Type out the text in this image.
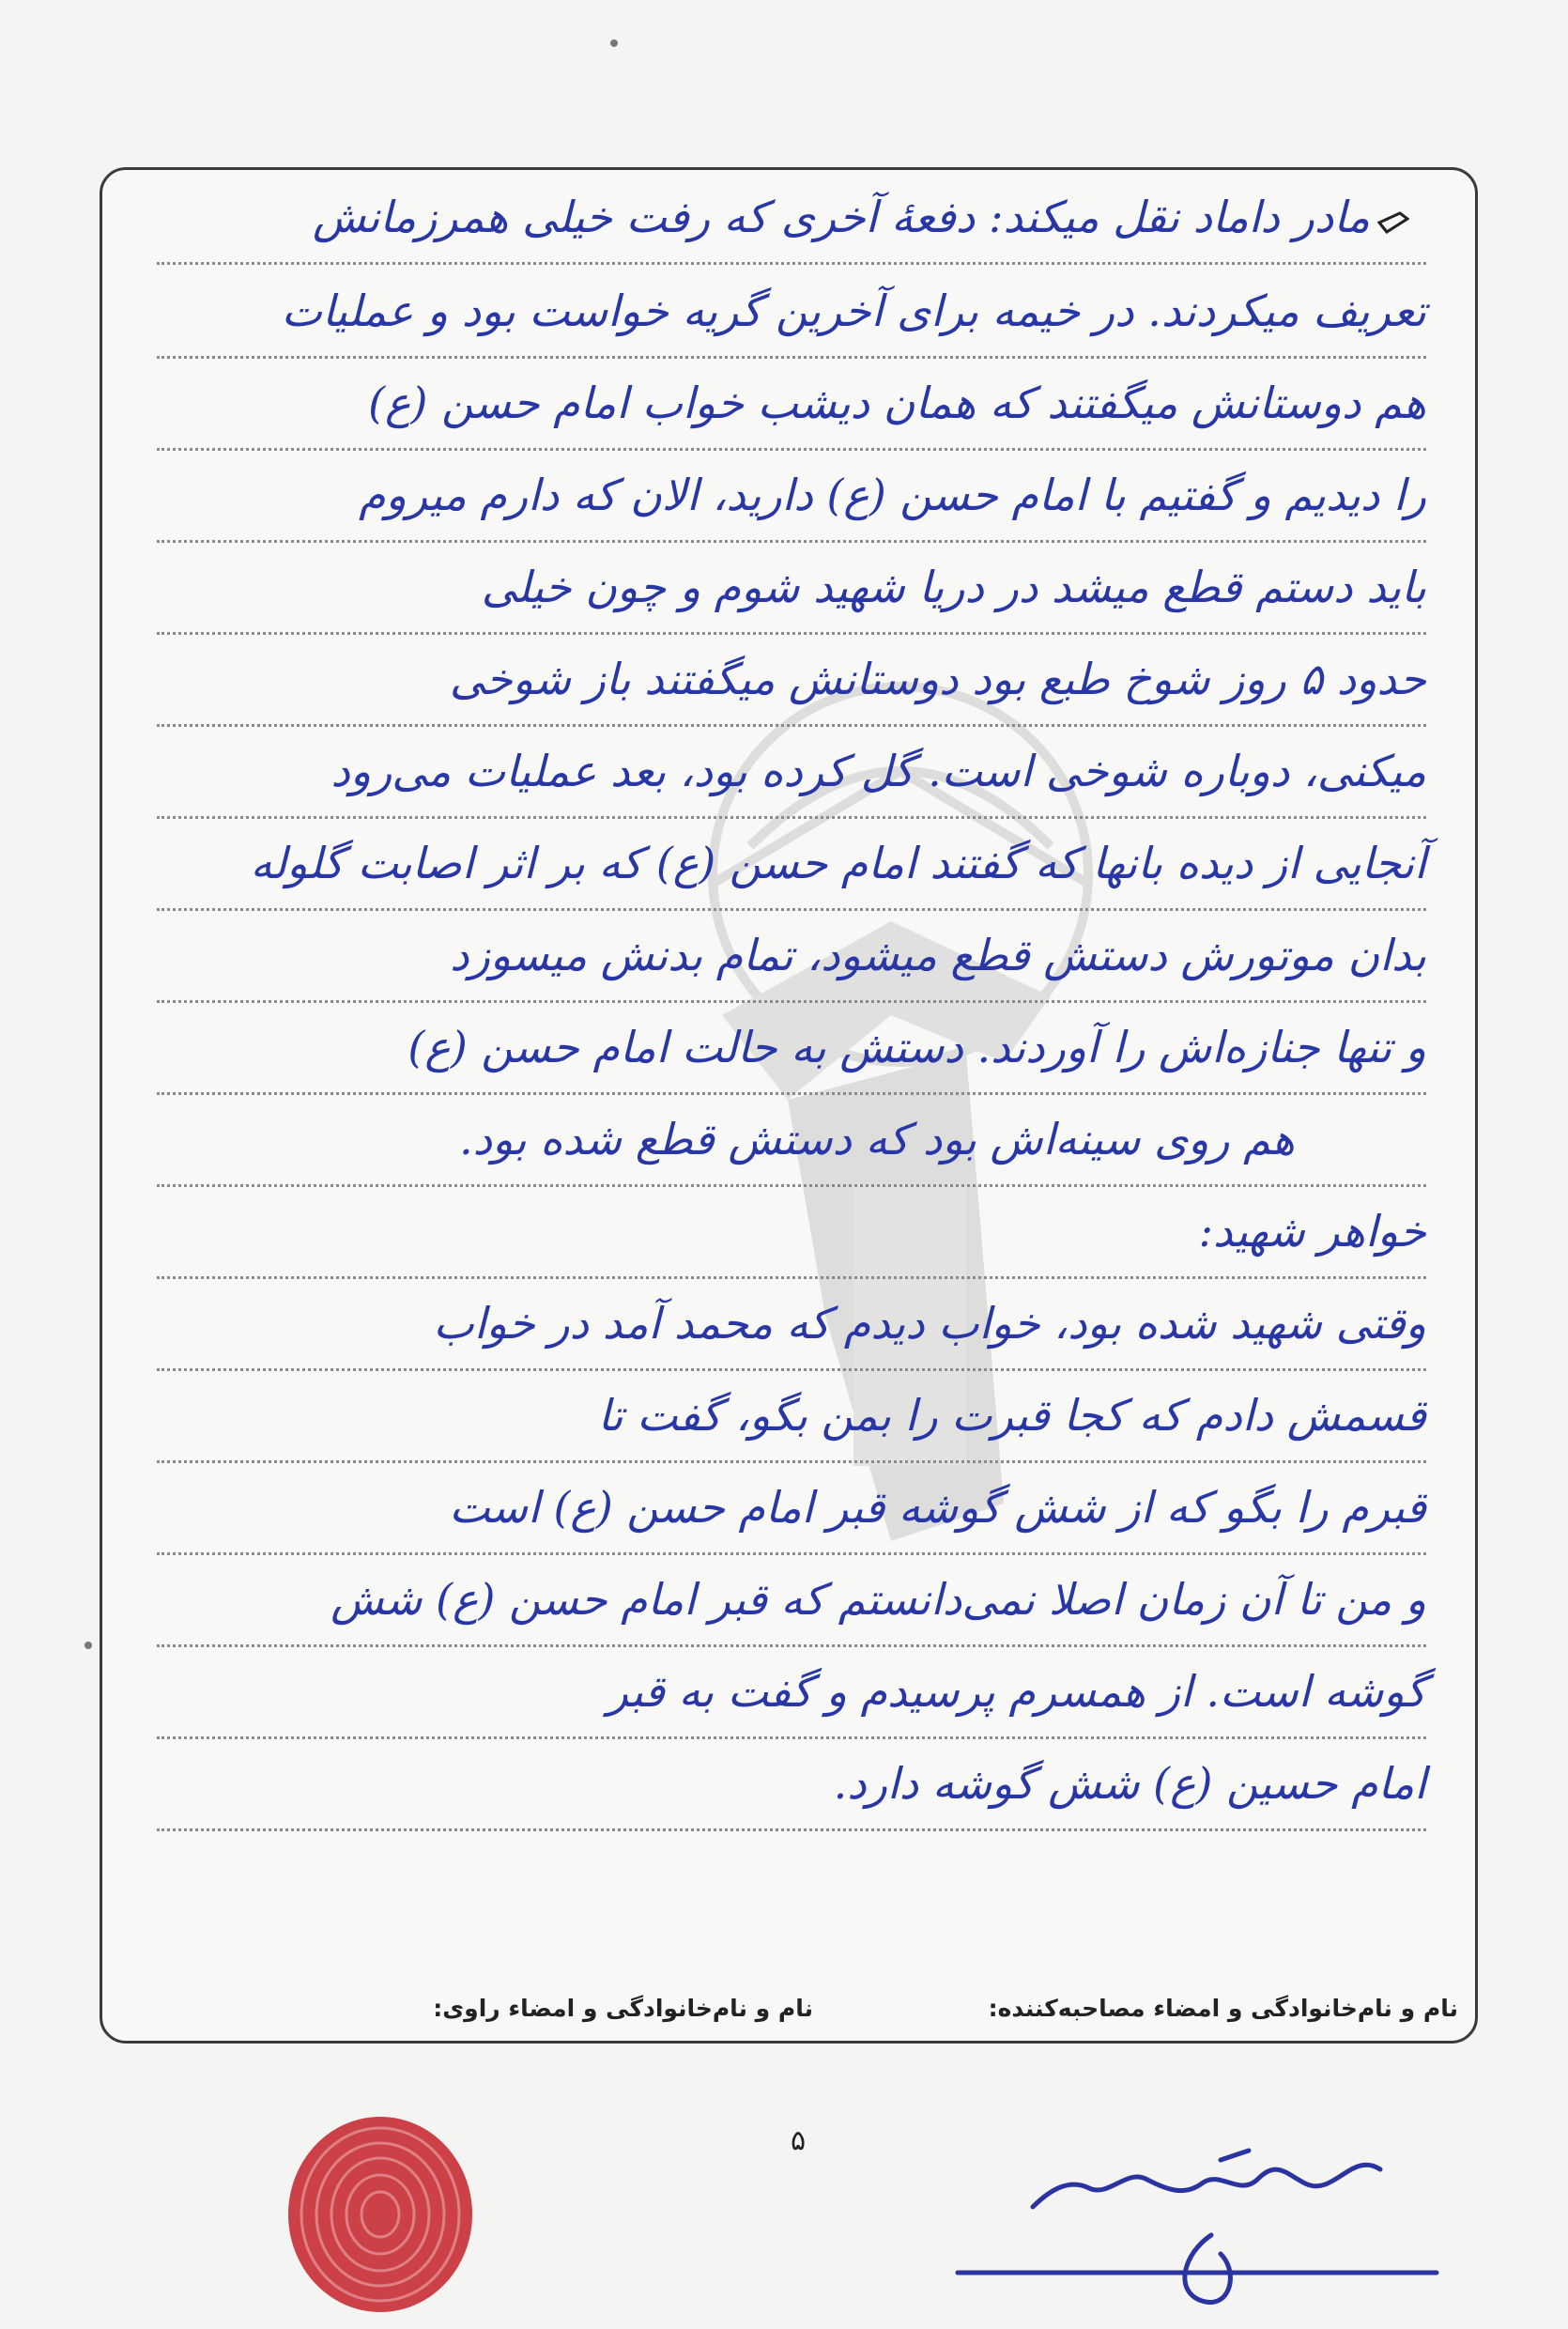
مادر داماد نقل میکند: دفعهٔ آخری که رفت خیلی همرزمانش
تعریف میکردند. در خیمه برای آخرین گریه خواست بود و عملیات
هم دوستانش میگفتند که همان دیشب خواب امام حسن (ع)
را دیدیم و گفتیم با امام حسن (ع) دارید، الان که دارم میروم
باید دستم قطع میشد در دریا شهید شوم و چون خیلی
حدود ۵ روز شوخ طبع بود دوستانش میگفتند باز شوخی
میکنی، دوباره شوخی است. گل کرده بود، بعد عملیات می‌رود
آنجایی از دیده بانها که گفتند امام حسن (ع) که بر اثر اصابت گلوله
بدان موتورش دستش قطع میشود، تمام بدنش میسوزد
و تنها جنازه‌اش را آوردند. دستش به حالت امام حسن (ع)
هم روی سینه‌اش بود که دستش قطع شده بود.
خواهر شهید:
وقتی شهید شده بود، خواب دیدم که محمد آمد در خواب
قسمش دادم که کجا قبرت را بمن بگو، گفت تا
قبرم را بگو که از شش گوشه قبر امام حسن (ع) است
و من تا آن زمان اصلا نمی‌دانستم که قبر امام حسن (ع) شش
گوشه است. از همسرم پرسیدم و گفت به قبر
امام حسین (ع) شش گوشه دارد.
نام و نام‌خانوادگی و امضاء مصاحبه‌کننده:
نام و نام‌خانوادگی و امضاء راوی:
۵
